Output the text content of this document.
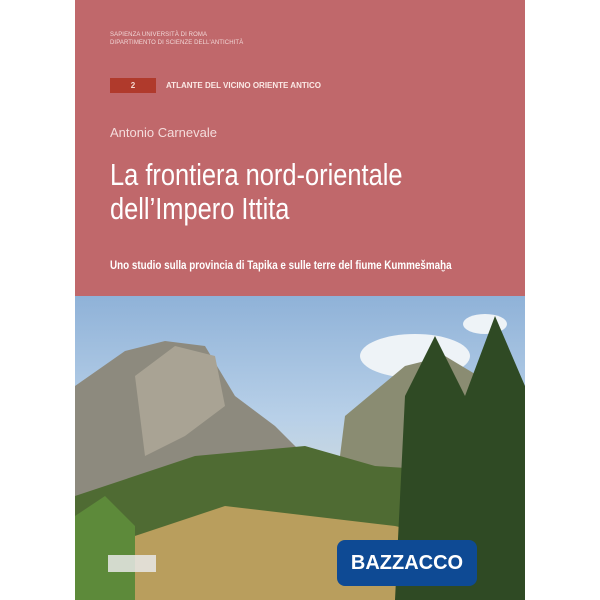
SAPIENZA UNIVERSITÀ DI ROMA
DIPARTIMENTO DI SCIENZE DELL'ANTICHITÀ
2	ATLANTE DEL VICINO ORIENTE ANTICO
Antonio Carnevale
La frontiera nord-orientale
dell’Impero Ittita
Uno studio sulla provincia di Tapika e sulle terre del fiume Kummešmaḫa
BAZZACCO
